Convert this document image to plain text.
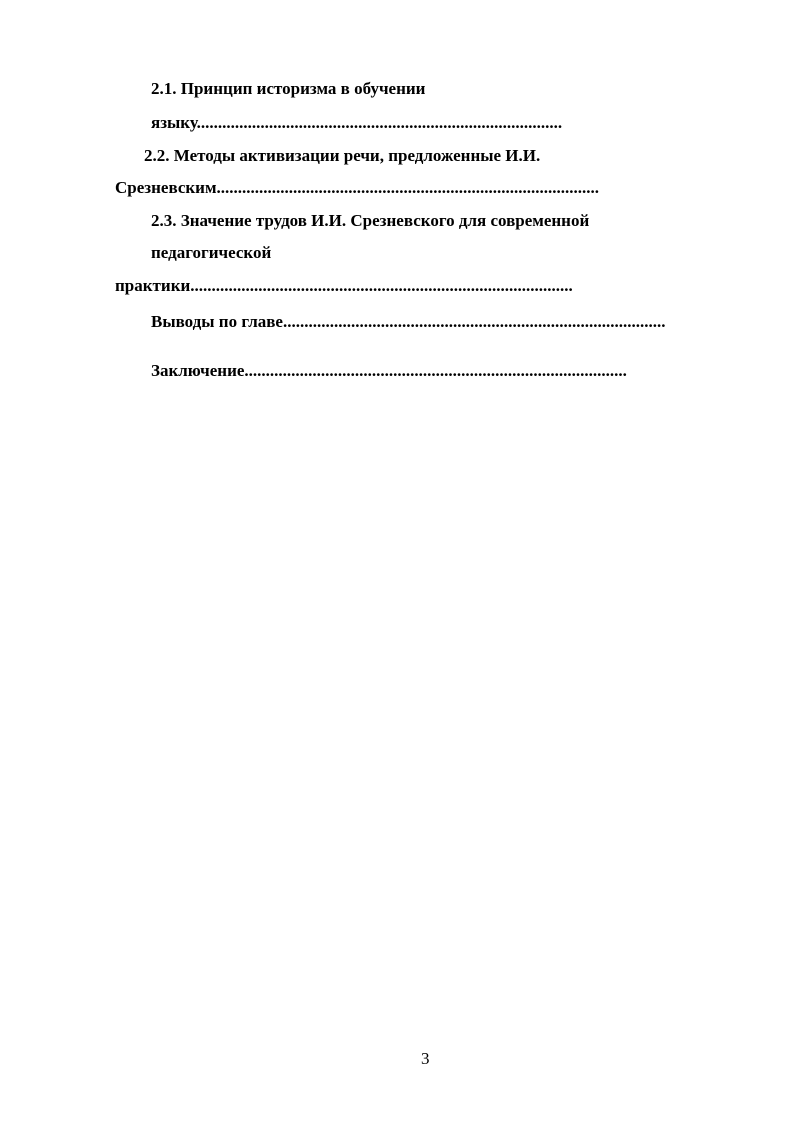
2.1. Принцип историзма в обучении
языку......................................................................................
2.2. Методы активизации речи, предложенные И.И.
Срезневским..........................................................................................
2.3. Значение трудов И.И. Срезневского для современной
педагогической
практики..........................................................................................
Выводы по главе..........................................................................................
Заключение..........................................................................................
3
